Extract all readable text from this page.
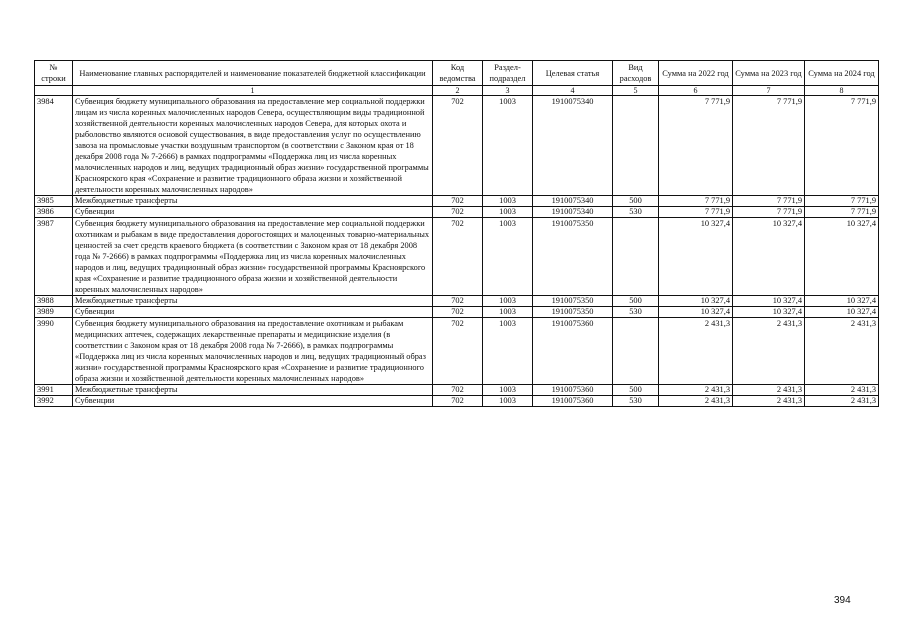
№ строки	Наименование главных распорядителей и наименование показателей бюджетной классификации	Код ведомства	Раздел-подраздел	Целевая статья	Вид расходов	Сумма на 2022 год	Сумма на 2023 год	Сумма на 2024 год
	1	2	3	4	5	6	7	8
3984	Субвенция бюджету муниципального образования на предоставление мер социальной поддержки лицам из числа коренных малочисленных народов Севера, осуществляющим виды традиционной хозяйственной деятельности коренных малочисленных народов Севера, для которых охота и рыболовство являются основой существования, в виде предоставления услуг по осуществлению завоза на промысловые участки воздушным транспортом (в соответствии с Законом края от 18 декабря 2008 года № 7-2666) в рамках подпрограммы «Поддержка лиц из числа коренных малочисленных народов и лиц, ведущих традиционный образ жизни» государственной программы Красноярского края «Сохранение и развитие традиционного образа жизни и хозяйственной деятельности коренных малочисленных народов»	702	1003	1910075340		7 771,9	7 771,9	7 771,9
3985	Межбюджетные трансферты	702	1003	1910075340	500	7 771,9	7 771,9	7 771,9
3986	Субвенции	702	1003	1910075340	530	7 771,9	7 771,9	7 771,9
3987	Субвенция бюджету муниципального образования на предоставление мер социальной поддержки охотникам и рыбакам в виде предоставления дорогостоящих и малоценных товарно-материальных ценностей за счет средств краевого бюджета (в соответствии с Законом края от 18 декабря 2008 года № 7-2666) в рамках подпрограммы «Поддержка лиц из числа коренных малочисленных народов и лиц, ведущих традиционный образ жизни» государственной программы Красноярского края «Сохранение и развитие традиционного образа жизни и хозяйственной деятельности коренных малочисленных народов»	702	1003	1910075350		10 327,4	10 327,4	10 327,4
3988	Межбюджетные трансферты	702	1003	1910075350	500	10 327,4	10 327,4	10 327,4
3989	Субвенции	702	1003	1910075350	530	10 327,4	10 327,4	10 327,4
3990	Субвенция бюджету муниципального образования на предоставление охотникам и рыбакам медицинских аптечек, содержащих лекарственные препараты и медицинские изделия (в соответствии с Законом края от 18 декабря 2008 года № 7-2666), в рамках подпрограммы «Поддержка лиц из числа коренных малочисленных народов и лиц, ведущих традиционный образ жизни» государственной программы Красноярского края «Сохранение и развитие традиционного образа жизни и хозяйственной деятельности коренных малочисленных народов»	702	1003	1910075360		2 431,3	2 431,3	2 431,3
3991	Межбюджетные трансферты	702	1003	1910075360	500	2 431,3	2 431,3	2 431,3
3992	Субвенции	702	1003	1910075360	530	2 431,3	2 431,3	2 431,3
394
